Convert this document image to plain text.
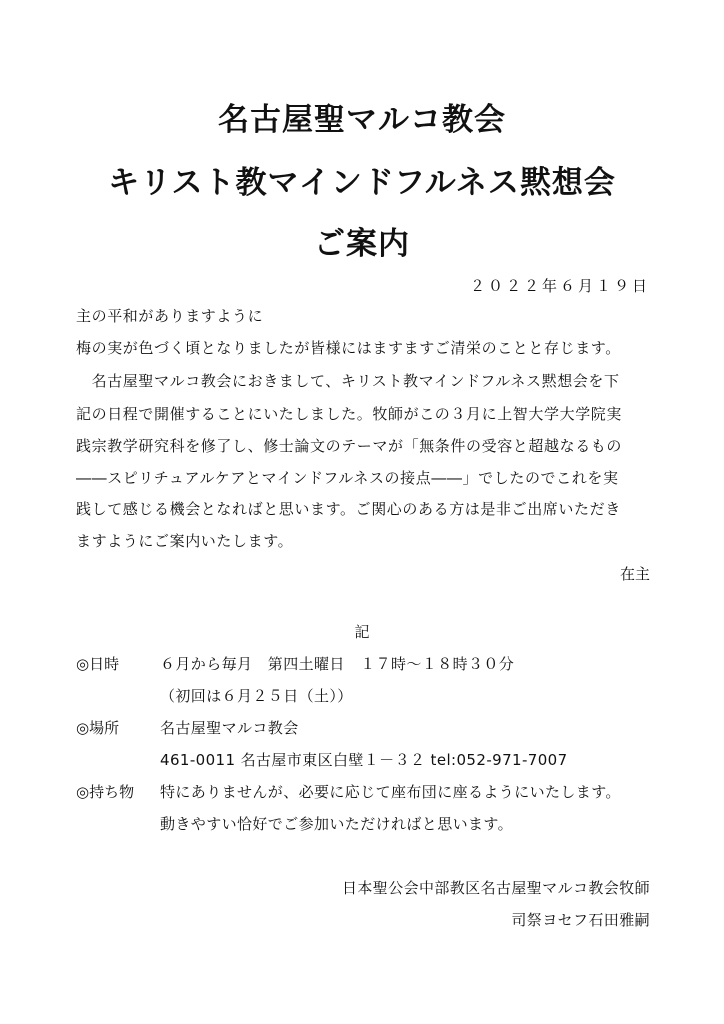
名古屋聖マルコ教会
キリスト教マインドフルネス黙想会
ご案内
２０２２年６月１９日
主の平和がありますように
梅の実が色づく頃となりましたが皆様にはますますご清栄のことと存じます。
　名古屋聖マルコ教会におきまして、キリスト教マインドフルネス黙想会を下
記の日程で開催することにいたしました。牧師がこの３月に上智大学大学院実
践宗教学研究科を修了し、修士論文のテーマが「無条件の受容と超越なるもの
――スピリチュアルケアとマインドフルネスの接点――」でしたのでこれを実
践して感じる機会となればと思います。ご関心のある方は是非ご出席いただき
ますようにご案内いたします。
在主
記
◎日時	６月から毎月　第四土曜日　１７時～１８時３０分
（初回は６月２５日（土））
◎場所	名古屋聖マルコ教会
461-0011 名古屋市東区白壁１－３２ tel:052-971-7007
◎持ち物 特にありませんが、必要に応じて座布団に座るようにいたします。
動きやすい恰好でご参加いただければと思います。
日本聖公会中部教区名古屋聖マルコ教会牧師
司祭ヨセフ石田雅嗣
